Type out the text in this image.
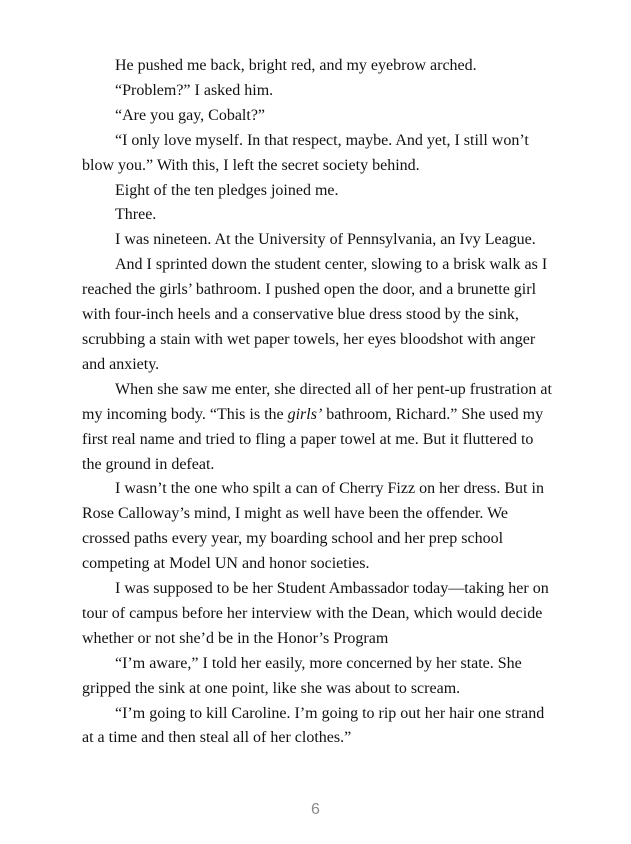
He pushed me back, bright red, and my eyebrow arched.

“Problem?” I asked him.

“Are you gay, Cobalt?”

“I only love myself. In that respect, maybe. And yet, I still won’t blow you.” With this, I left the secret society behind.

Eight of the ten pledges joined me.

Three.

I was nineteen. At the University of Pennsylvania, an Ivy League.

And I sprinted down the student center, slowing to a brisk walk as I reached the girls’ bathroom. I pushed open the door, and a brunette girl with four-inch heels and a conservative blue dress stood by the sink, scrubbing a stain with wet paper towels, her eyes bloodshot with anger and anxiety.

When she saw me enter, she directed all of her pent-up frustration at my incoming body. “This is the girls’ bathroom, Richard.” She used my first real name and tried to fling a paper towel at me. But it fluttered to the ground in defeat.

I wasn’t the one who spilt a can of Cherry Fizz on her dress. But in Rose Calloway’s mind, I might as well have been the offender. We crossed paths every year, my boarding school and her prep school competing at Model UN and honor societies.

I was supposed to be her Student Ambassador today—taking her on tour of campus before her interview with the Dean, which would decide whether or not she’d be in the Honor’s Program

“I’m aware,” I told her easily, more concerned by her state. She gripped the sink at one point, like she was about to scream.

“I’m going to kill Caroline. I’m going to rip out her hair one strand at a time and then steal all of her clothes.”

6
